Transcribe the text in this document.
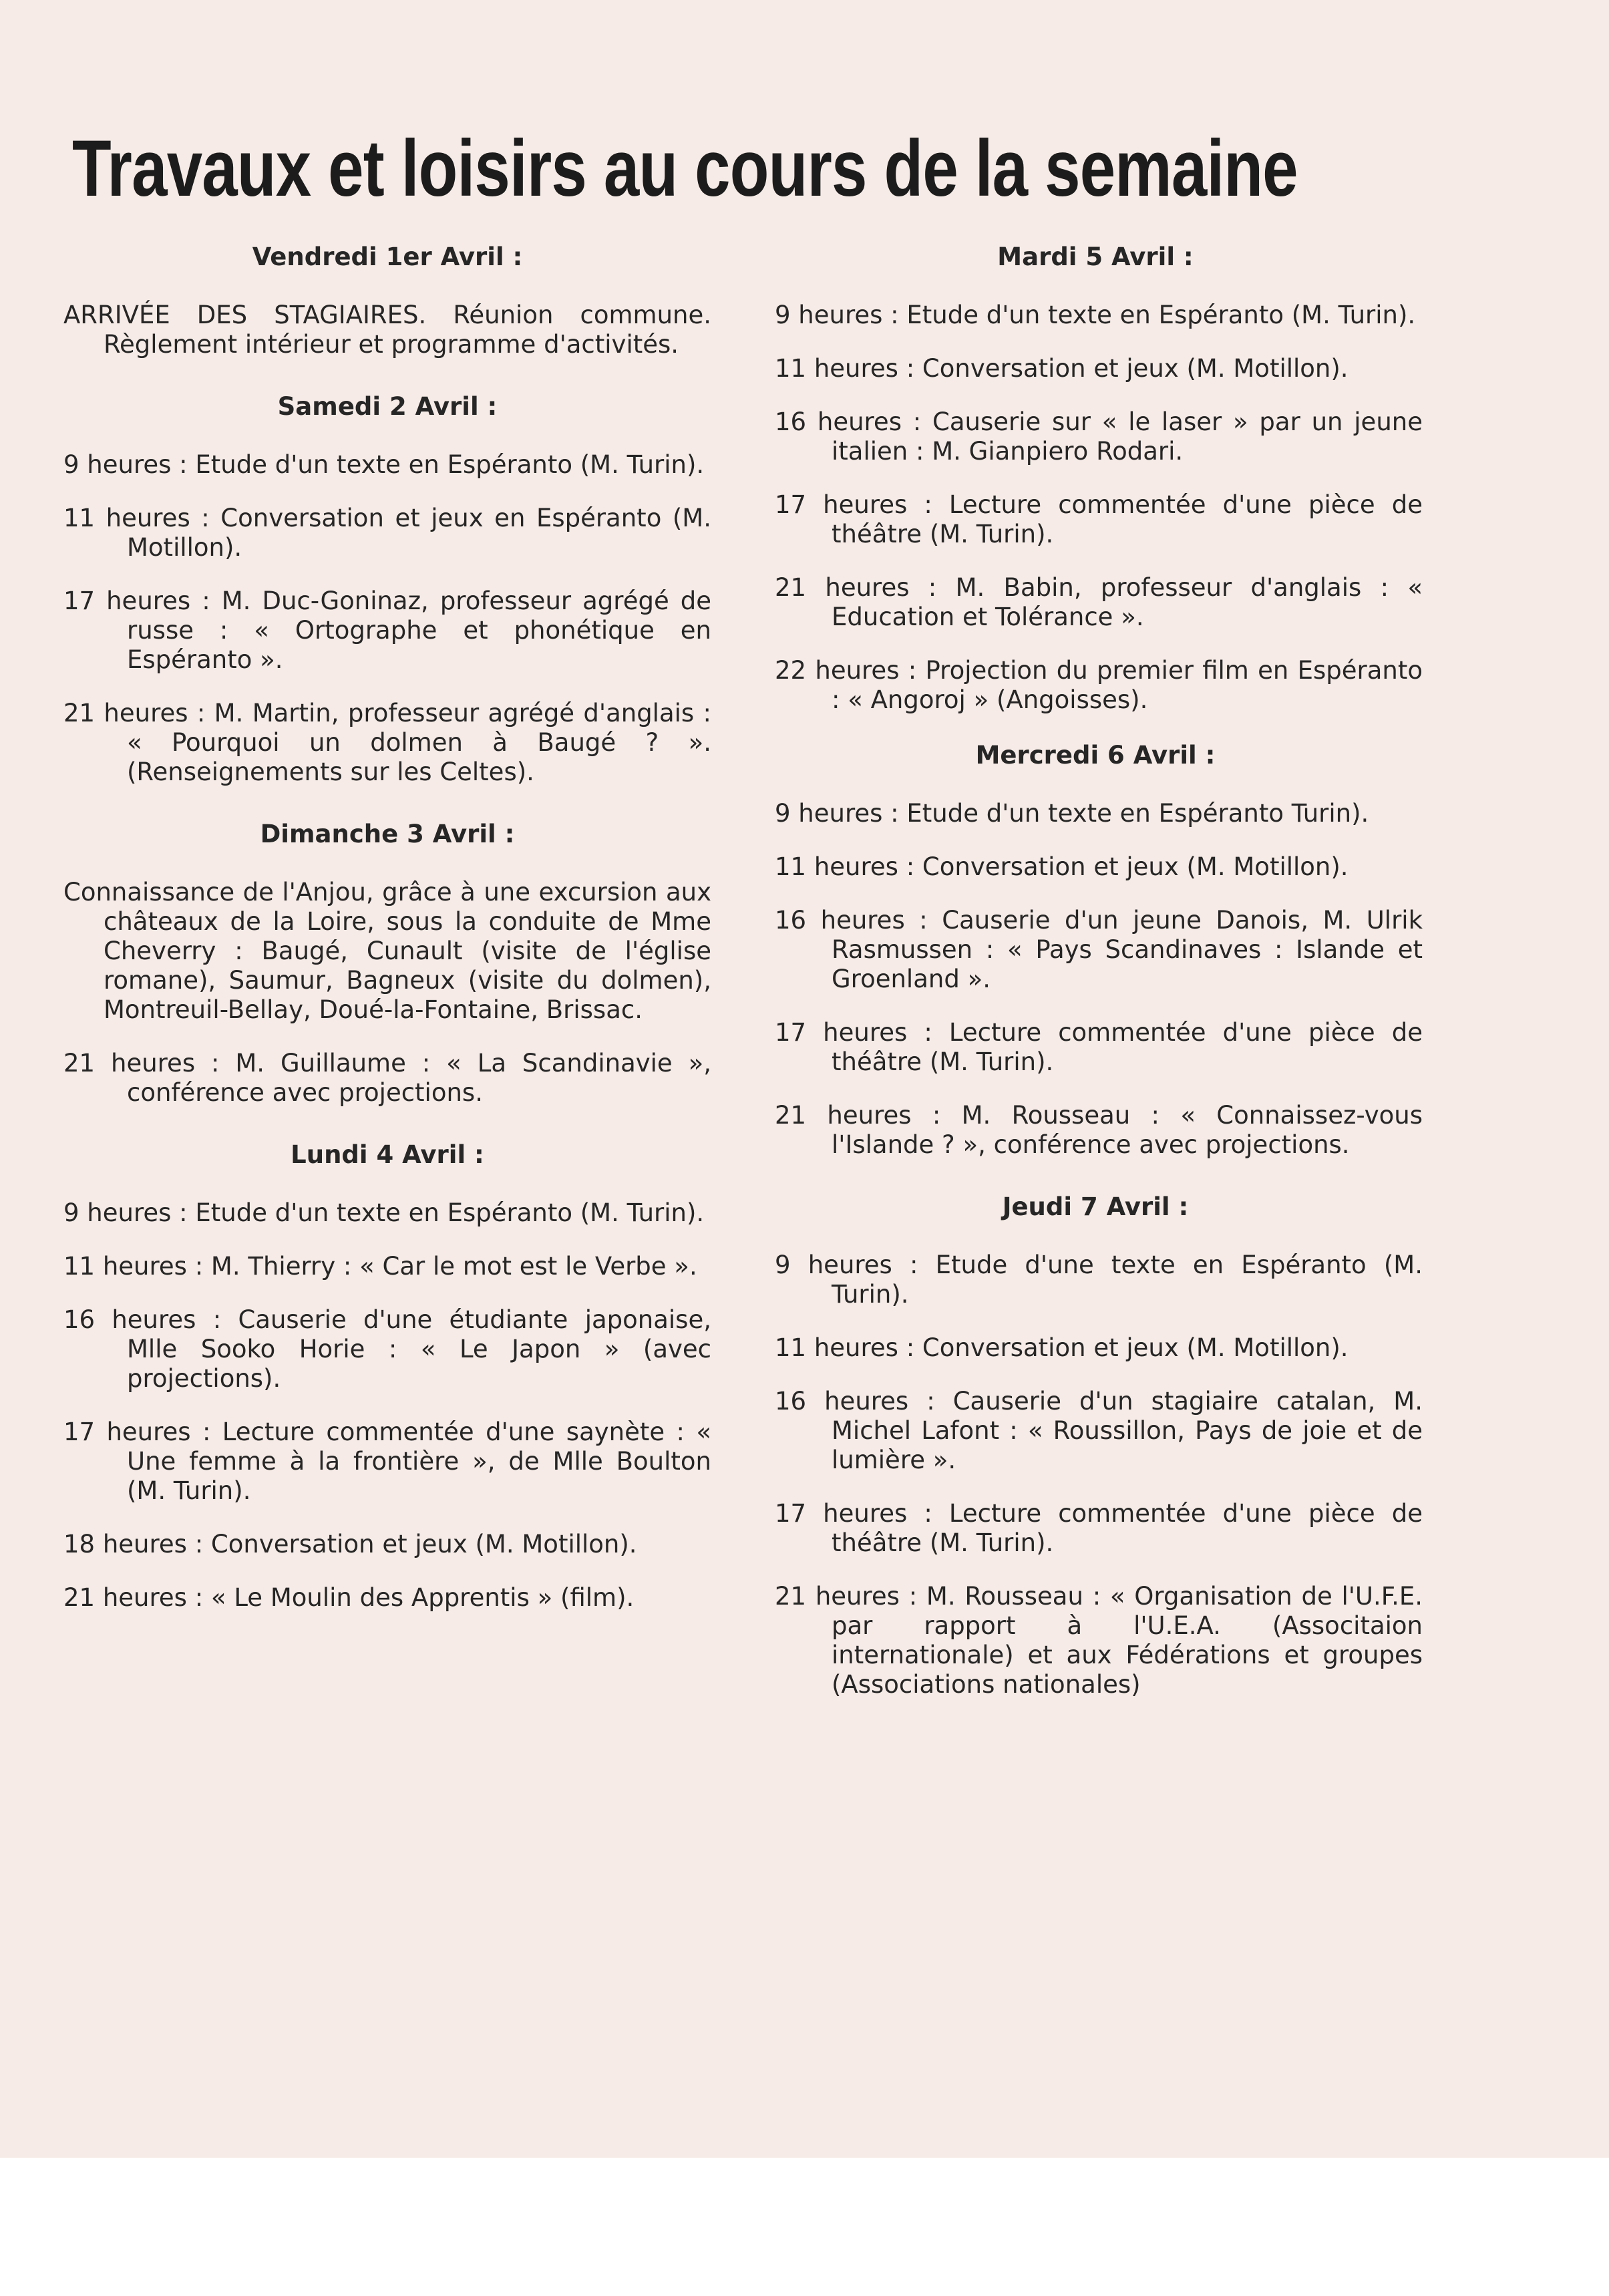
Travaux et loisirs au cours de la semaine
Vendredi 1er Avril :
ARRIVÉE DES STAGIAIRES. Réunion commune. Règlement intérieur et programme d'activités.
Samedi 2 Avril :
9 heures : Etude d'un texte en Espéranto (M. Turin).
11 heures : Conversation et jeux en Espéranto (M. Motillon).
17 heures : M. Duc-Goninaz, professeur agrégé de russe : « Ortographe et phonétique en Espéranto ».
21 heures : M. Martin, professeur agrégé d'anglais : « Pourquoi un dolmen à Baugé ? ». (Renseignements sur les Celtes).
Dimanche 3 Avril :
Connaissance de l'Anjou, grâce à une excursion aux châteaux de la Loire, sous la conduite de Mme Cheverry : Baugé, Cunault (visite de l'église romane), Saumur, Bagneux (visite du dolmen), Montreuil-Bellay, Doué-la-Fontaine, Brissac.
21 heures : M. Guillaume : « La Scandinavie », conférence avec projections.
Lundi 4 Avril :
9 heures : Etude d'un texte en Espéranto (M. Turin).
11 heures : M. Thierry : « Car le mot est le Verbe ».
16 heures : Causerie d'une étudiante japonaise, Mlle Sooko Horie : « Le Japon » (avec projections).
17 heures : Lecture commentée d'une saynète : « Une femme à la frontière », de Mlle Boulton (M. Turin).
18 heures : Conversation et jeux (M. Motillon).
21 heures : « Le Moulin des Apprentis » (film).
Mardi 5 Avril :
9 heures : Etude d'un texte en Espéranto (M. Turin).
11 heures : Conversation et jeux (M. Motillon).
16 heures : Causerie sur « le laser » par un jeune italien : M. Gianpiero Rodari.
17 heures : Lecture commentée d'une pièce de théâtre (M. Turin).
21 heures : M. Babin, professeur d'anglais : « Education et Tolérance ».
22 heures : Projection du premier film en Espéranto : « Angoroj » (Angoisses).
Mercredi 6 Avril :
9 heures : Etude d'un texte en Espéranto Turin).
11 heures : Conversation et jeux (M. Motillon).
16 heures : Causerie d'un jeune Danois, M. Ulrik Rasmussen : « Pays Scandinaves : Islande et Groenland ».
17 heures : Lecture commentée d'une pièce de théâtre (M. Turin).
21 heures : M. Rousseau : « Connaissez-vous l'Islande ? », conférence avec projections.
Jeudi 7 Avril :
9 heures : Etude d'une texte en Espéranto (M. Turin).
11 heures : Conversation et jeux (M. Motillon).
16 heures : Causerie d'un stagiaire catalan, M. Michel Lafont : « Roussillon, Pays de joie et de lumière ».
17 heures : Lecture commentée d'une pièce de théâtre (M. Turin).
21 heures : M. Rousseau : « Organisation de l'U.F.E. par rapport à l'U.E.A. (Associtaion internationale) et aux Fédérations et groupes (Associations nationales)
